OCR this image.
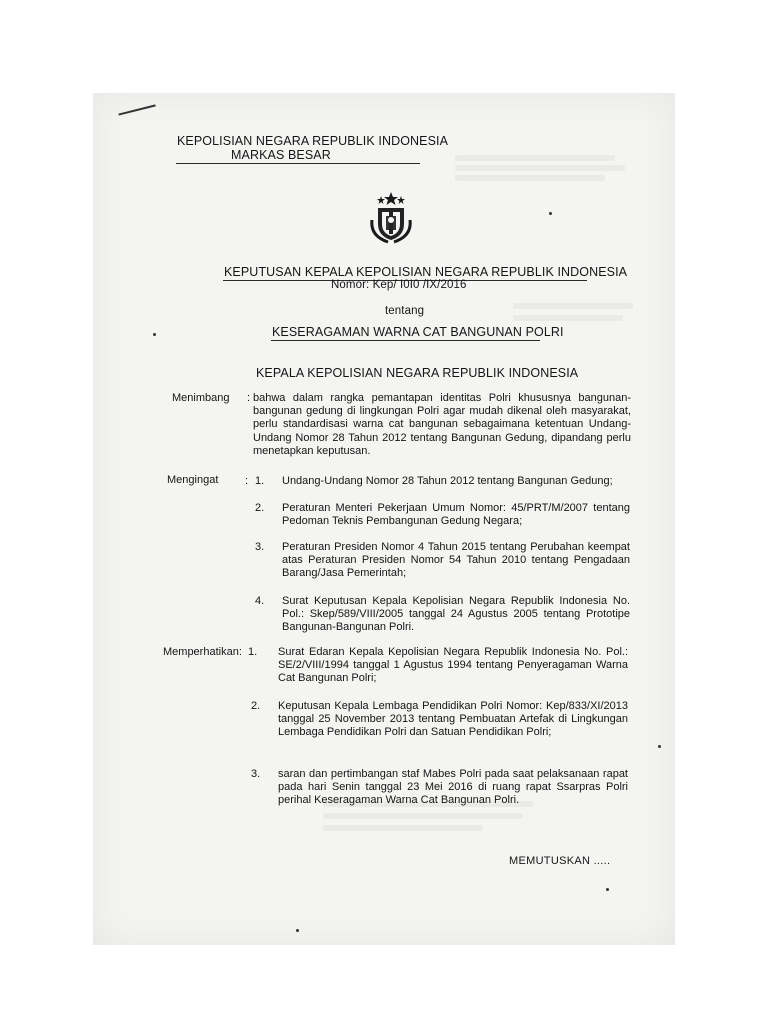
KEPOLISIAN NEGARA REPUBLIK INDONESIA
MARKAS BESAR
KEPUTUSAN KEPALA KEPOLISIAN NEGARA REPUBLIK INDONESIA
Nomor: Kep/ I0I0 /IX/2016
tentang
KESERAGAMAN WARNA CAT BANGUNAN POLRI
KEPALA KEPOLISIAN NEGARA REPUBLIK INDONESIA
Menimbang : bahwa dalam rangka pemantapan identitas Polri khususnya bangunan-bangunan gedung di lingkungan Polri agar mudah dikenal oleh masyarakat, perlu standardisasi warna cat bangunan sebagaimana ketentuan Undang-Undang Nomor 28 Tahun 2012 tentang Bangunan Gedung, dipandang perlu menetapkan keputusan.
Mengingat : 1. Undang-Undang Nomor 28 Tahun 2012 tentang Bangunan Gedung;
2. Peraturan Menteri Pekerjaan Umum Nomor: 45/PRT/M/2007 tentang Pedoman Teknis Pembangunan Gedung Negara;
3. Peraturan Presiden Nomor 4 Tahun 2015 tentang Perubahan keempat atas Peraturan Presiden Nomor 54 Tahun 2010 tentang Pengadaan Barang/Jasa Pemerintah;
4. Surat Keputusan Kepala Kepolisian Negara Republik Indonesia No. Pol.: Skep/589/VIII/2005 tanggal 24 Agustus 2005 tentang Prototipe Bangunan-Bangunan Polri.
Memperhatikan: 1. Surat Edaran Kepala Kepolisian Negara Republik Indonesia No. Pol.: SE/2/VIII/1994 tanggal 1 Agustus 1994 tentang Penyeragaman Warna Cat Bangunan Polri;
2. Keputusan Kepala Lembaga Pendidikan Polri Nomor: Kep/833/XI/2013 tanggal 25 November 2013 tentang Pembuatan Artefak di Lingkungan Lembaga Pendidikan Polri dan Satuan Pendidikan Polri;
3. saran dan pertimbangan staf Mabes Polri pada saat pelaksanaan rapat pada hari Senin tanggal 23 Mei 2016 di ruang rapat Ssarpras Polri perihal Keseragaman Warna Cat Bangunan Polri.
MEMUTUSKAN .....
